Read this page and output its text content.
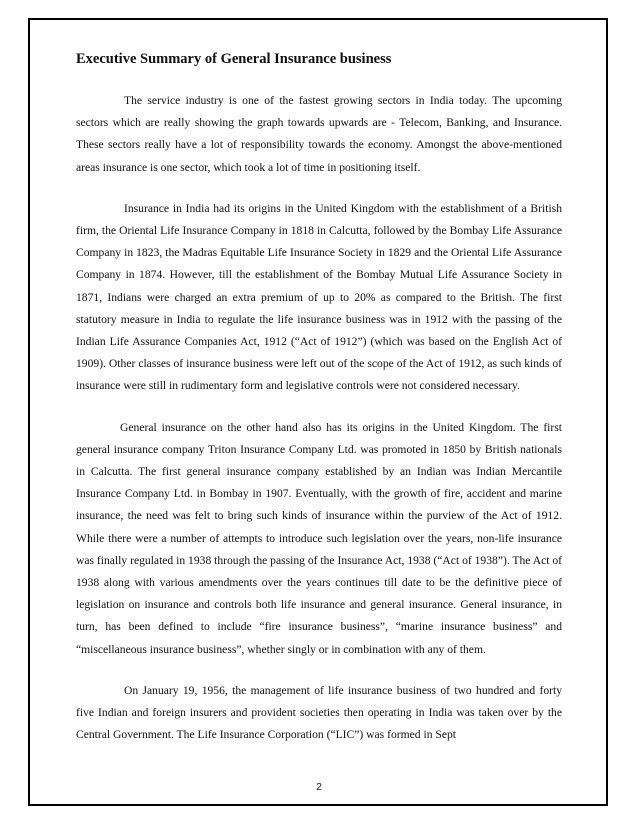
Executive Summary of General Insurance business

The service industry is one of the fastest growing sectors in India today. The upcoming sectors which are really showing the graph towards upwards are - Telecom, Banking, and Insurance. These sectors really have a lot of responsibility towards the economy. Amongst the above-mentioned areas insurance is one sector, which took a lot of time in positioning itself.

Insurance in India had its origins in the United Kingdom with the establishment of a British firm, the Oriental Life Insurance Company in 1818 in Calcutta, followed by the Bombay Life Assurance Company in 1823, the Madras Equitable Life Insurance Society in 1829 and the Oriental Life Assurance Company in 1874. However, till the establishment of the Bombay Mutual Life Assurance Society in 1871, Indians were charged an extra premium of up to 20% as compared to the British. The first statutory measure in India to regulate the life insurance business was in 1912 with the passing of the Indian Life Assurance Companies Act, 1912 (“Act of 1912”) (which was based on the English Act of 1909). Other classes of insurance business were left out of the scope of the Act of 1912, as such kinds of insurance were still in rudimentary form and legislative controls were not considered necessary.

General insurance on the other hand also has its origins in the United Kingdom. The first general insurance company Triton Insurance Company Ltd. was promoted in 1850 by British nationals in Calcutta. The first general insurance company established by an Indian was Indian Mercantile Insurance Company Ltd. in Bombay in 1907. Eventually, with the growth of fire, accident and marine insurance, the need was felt to bring such kinds of insurance within the purview of the Act of 1912. While there were a number of attempts to introduce such legislation over the years, non-life insurance was finally regulated in 1938 through the passing of the Insurance Act, 1938 (“Act of 1938”). The Act of 1938 along with various amendments over the years continues till date to be the definitive piece of legislation on insurance and controls both life insurance and general insurance. General insurance, in turn, has been defined to include “fire insurance business”, “marine insurance business” and “miscellaneous insurance business”, whether singly or in combination with any of them.

On January 19, 1956, the management of life insurance business of two hundred and forty five Indian and foreign insurers and provident societies then operating in India was taken over by the Central Government. The Life Insurance Corporation (“LIC”) was formed in Sept

2
